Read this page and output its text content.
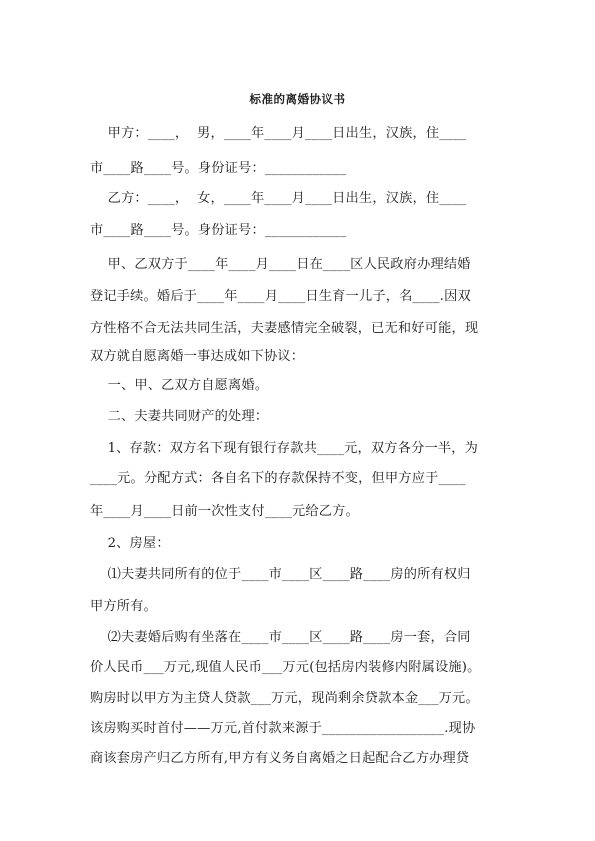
标准的离婚协议书
甲方：____，  男，____年____月____日出生，汉族，住____
市____路____号。身份证号：____________
乙方：____，  女，____年____月____日出生，汉族，住____
市____路____号。身份证号：____________
甲、乙双方于____年____月____日在____区人民政府办理结婚
登记手续。婚后于____年____月____日生育一儿子，名____.因双
方性格不合无法共同生活，夫妻感情完全破裂，已无和好可能，现
双方就自愿离婚一事达成如下协议：
一、甲、乙双方自愿离婚。
二、夫妻共同财产的处理：
1、存款：双方名下现有银行存款共____元，双方各分一半，为
____元。分配方式：各自名下的存款保持不变，但甲方应于____
年____月____日前一次性支付____元给乙方。
2、房屋：
⑴夫妻共同所有的位于____市____区____路____房的所有权归
甲方所有。
⑵夫妻婚后购有坐落在____市____区____路____房一套，合同
价人民币___万元,现值人民币___万元(包括房内装修内附属设施)。
购房时以甲方为主贷人贷款___万元，现尚剩余贷款本金___万元。
该房购买时首付——万元,首付款来源于__________________.现协
商该套房产归乙方所有,甲方有义务自离婚之日起配合乙方办理贷
